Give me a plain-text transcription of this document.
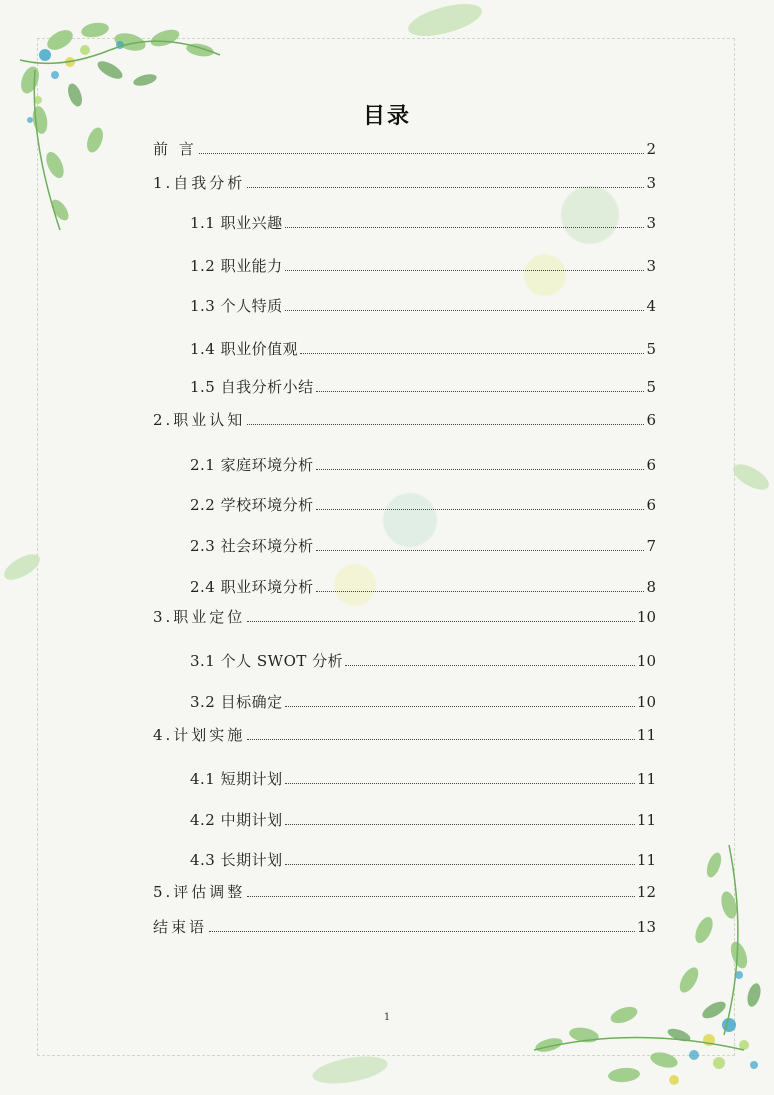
目录
前 言	2
1.自我分析	3
1.1 职业兴趣	3
1.2 职业能力	3
1.3 个人特质	4
1.4 职业价值观	5
1.5 自我分析小结	5
2.职业认知	6
2.1 家庭环境分析	6
2.2 学校环境分析	6
2.3 社会环境分析	7
2.4 职业环境分析	8
3.职业定位	10
3.1 个人 SWOT 分析	10
3.2 目标确定	10
4.计划实施	11
4.1 短期计划	11
4.2 中期计划	11
4.3 长期计划	11
5.评估调整	12
结束语	13
1
